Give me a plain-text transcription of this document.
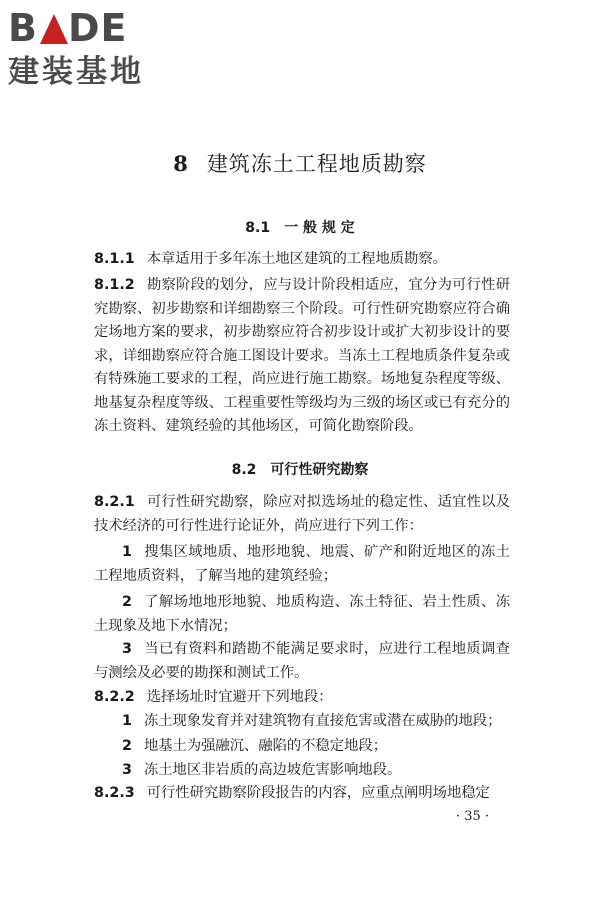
B DE
建装基地
8 建筑冻土工程地质勘察
8.1　一 般 规 定
8.1.1 本章适用于多年冻土地区建筑的工程地质勘察。
8.1.2 勘察阶段的划分，应与设计阶段相适应，宜分为可行性研究勘察、初步勘察和详细勘察三个阶段。可行性研究勘察应符合确定场地方案的要求，初步勘察应符合初步设计或扩大初步设计的要求，详细勘察应符合施工图设计要求。当冻土工程地质条件复杂或有特殊施工要求的工程，尚应进行施工勘察。场地复杂程度等级、地基复杂程度等级、工程重要性等级均为三级的场区或已有充分的冻土资料、建筑经验的其他场区，可简化勘察阶段。
8.2　可行性研究勘察
8.2.1 可行性研究勘察，除应对拟选场址的稳定性、适宜性以及技术经济的可行性进行论证外，尚应进行下列工作：
1 搜集区域地质、地形地貌、地震、矿产和附近地区的冻土工程地质资料，了解当地的建筑经验；
2 了解场地地形地貌、地质构造、冻土特征、岩土性质、冻土现象及地下水情况；
3 当已有资料和踏勘不能满足要求时，应进行工程地质调查与测绘及必要的勘探和测试工作。
8.2.2 选择场址时宜避开下列地段：
1 冻土现象发育并对建筑物有直接危害或潜在威胁的地段；
2 地基土为强融沉、融陷的不稳定地段；
3 冻土地区非岩质的高边坡危害影响地段。
8.2.3 可行性研究勘察阶段报告的内容，应重点阐明场地稳定
· 35 ·
